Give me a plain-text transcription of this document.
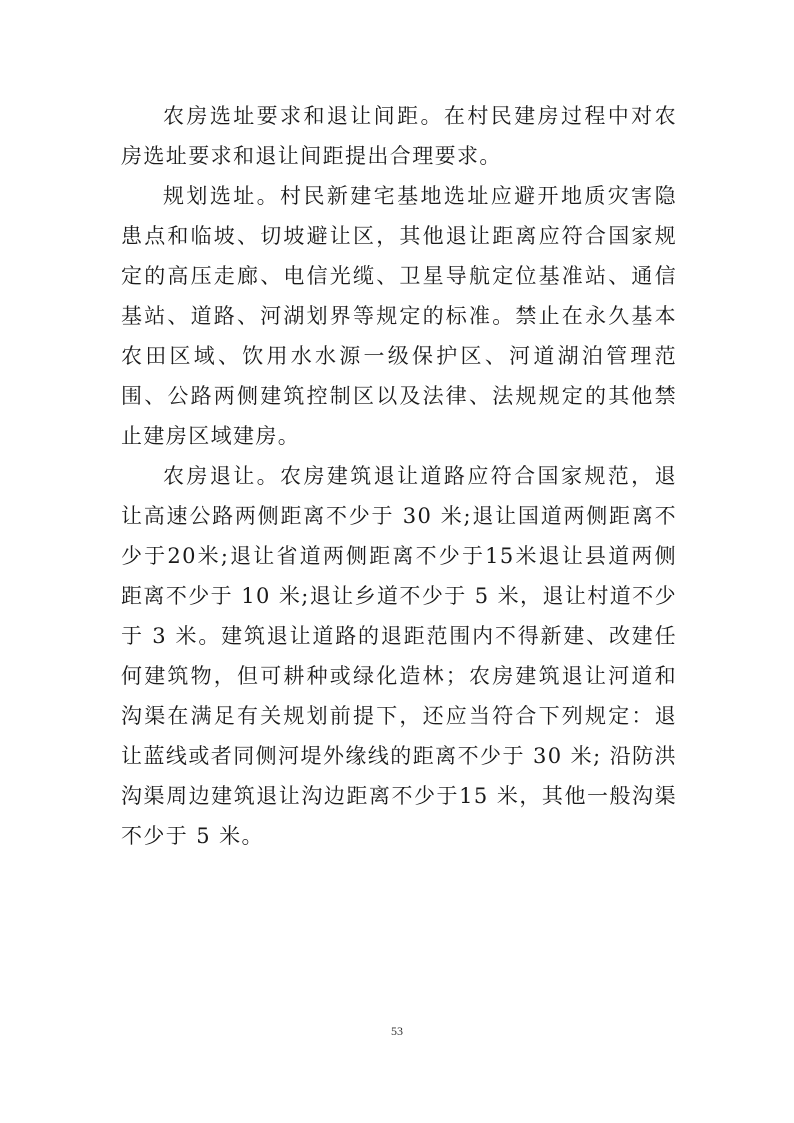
农房选址要求和退让间距。在村民建房过程中对农房选址要求和退让间距提出合理要求。

规划选址。村民新建宅基地选址应避开地质灾害隐患点和临坡、切坡避让区，其他退让距离应符合国家规定的高压走廊、电信光缆、卫星导航定位基准站、通信基站、道路、河湖划界等规定的标准。禁止在永久基本农田区域、饮用水水源一级保护区、河道湖泊管理范围、公路两侧建筑控制区以及法律、法规规定的其他禁止建房区域建房。

农房退让。农房建筑退让道路应符合国家规范，退让高速公路两侧距离不少于 30 米;退让国道两侧距离不少于20米;退让省道两侧距离不少于15米退让县道两侧距离不少于 10 米;退让乡道不少于 5 米，退让村道不少于 3 米。建筑退让道路的退距范围内不得新建、改建任何建筑物，但可耕种或绿化造林；农房建筑退让河道和沟渠在满足有关规划前提下，还应当符合下列规定：退让蓝线或者同侧河堤外缘线的距离不少于 30 米; 沿防洪沟渠周边建筑退让沟边距离不少于15 米，其他一般沟渠不少于 5 米。

53
